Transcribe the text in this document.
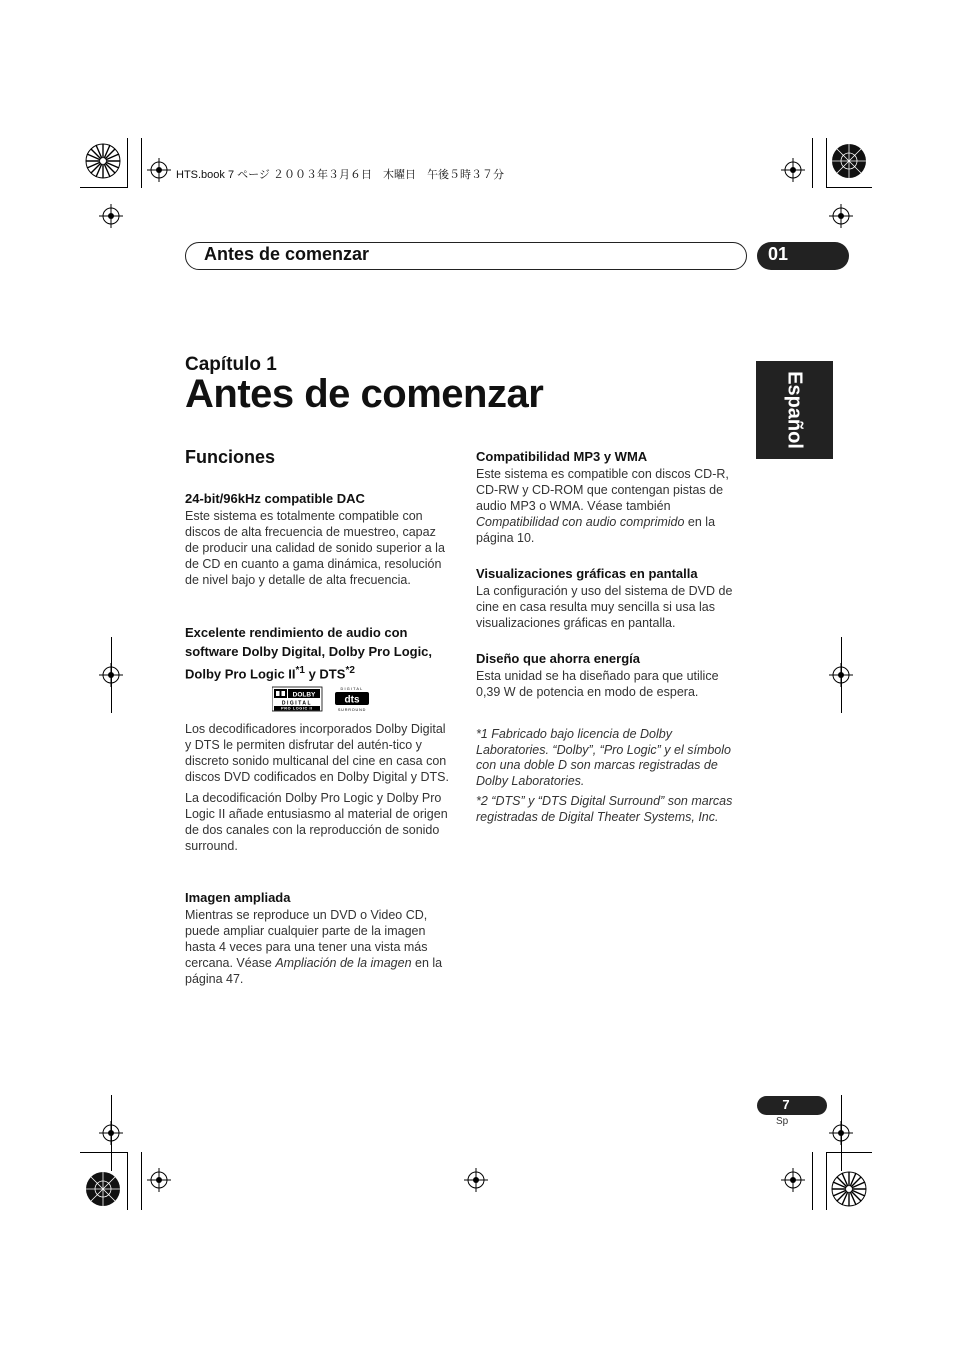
HTS.book 7 ページ ２００３年３月６日　木曜日　午後５時３７分
Antes de comenzar	01
Español
Capítulo 1
Antes de comenzar
Funciones
24-bit/96kHz compatible DAC

Este sistema es totalmente compatible con discos de alta frecuencia de muestreo, capaz de producir una calidad de sonido superior a la de CD en cuanto a gama dinámica, resolución de nivel bajo y detalle de alta frecuencia.

Excelente rendimiento de audio con software Dolby Digital, Dolby Pro Logic, Dolby Pro Logic II$^{*1}$ y DTS$^{*2}$
DOLBY
DIGITAL
PRO LOGIC II
DIGITAL
dts
SURROUND

Los decodificadores incorporados Dolby Digital y DTS le permiten disfrutar del autén-tico y discreto sonido multicanal del cine en casa con discos DVD codificados en Dolby Digital y DTS.

La decodificación Dolby Pro Logic y Dolby Pro Logic II añade entusiasmo al material de origen de dos canales con la reproducción de sonido surround.

Imagen ampliada

Mientras se reproduce un DVD o Video CD, puede ampliar cualquier parte de la imagen hasta 4 veces para una tener una vista más cercana. Véase Ampliación de la imagen en la página 47.

Compatibilidad MP3 y WMA

Este sistema es compatible con discos CD-R, CD-RW y CD-ROM que contengan pistas de audio MP3 o WMA. Véase también Compatibilidad con audio comprimido en la página 10.

Visualizaciones gráficas en pantalla

La configuración y uso del sistema de DVD de cine en casa resulta muy sencilla si usa las visualizaciones gráficas en pantalla.

Diseño que ahorra energía

Esta unidad se ha diseñado para que utilice 0,39 W de potencia en modo de espera.

*1 Fabricado bajo licencia de Dolby Laboratories. “Dolby”, “Pro Logic” y el símbolo con una doble D son marcas registradas de Dolby Laboratories.

*2 “DTS” y “DTS Digital Surround” son marcas registradas de Digital Theater Systems, Inc.

7
Sp
